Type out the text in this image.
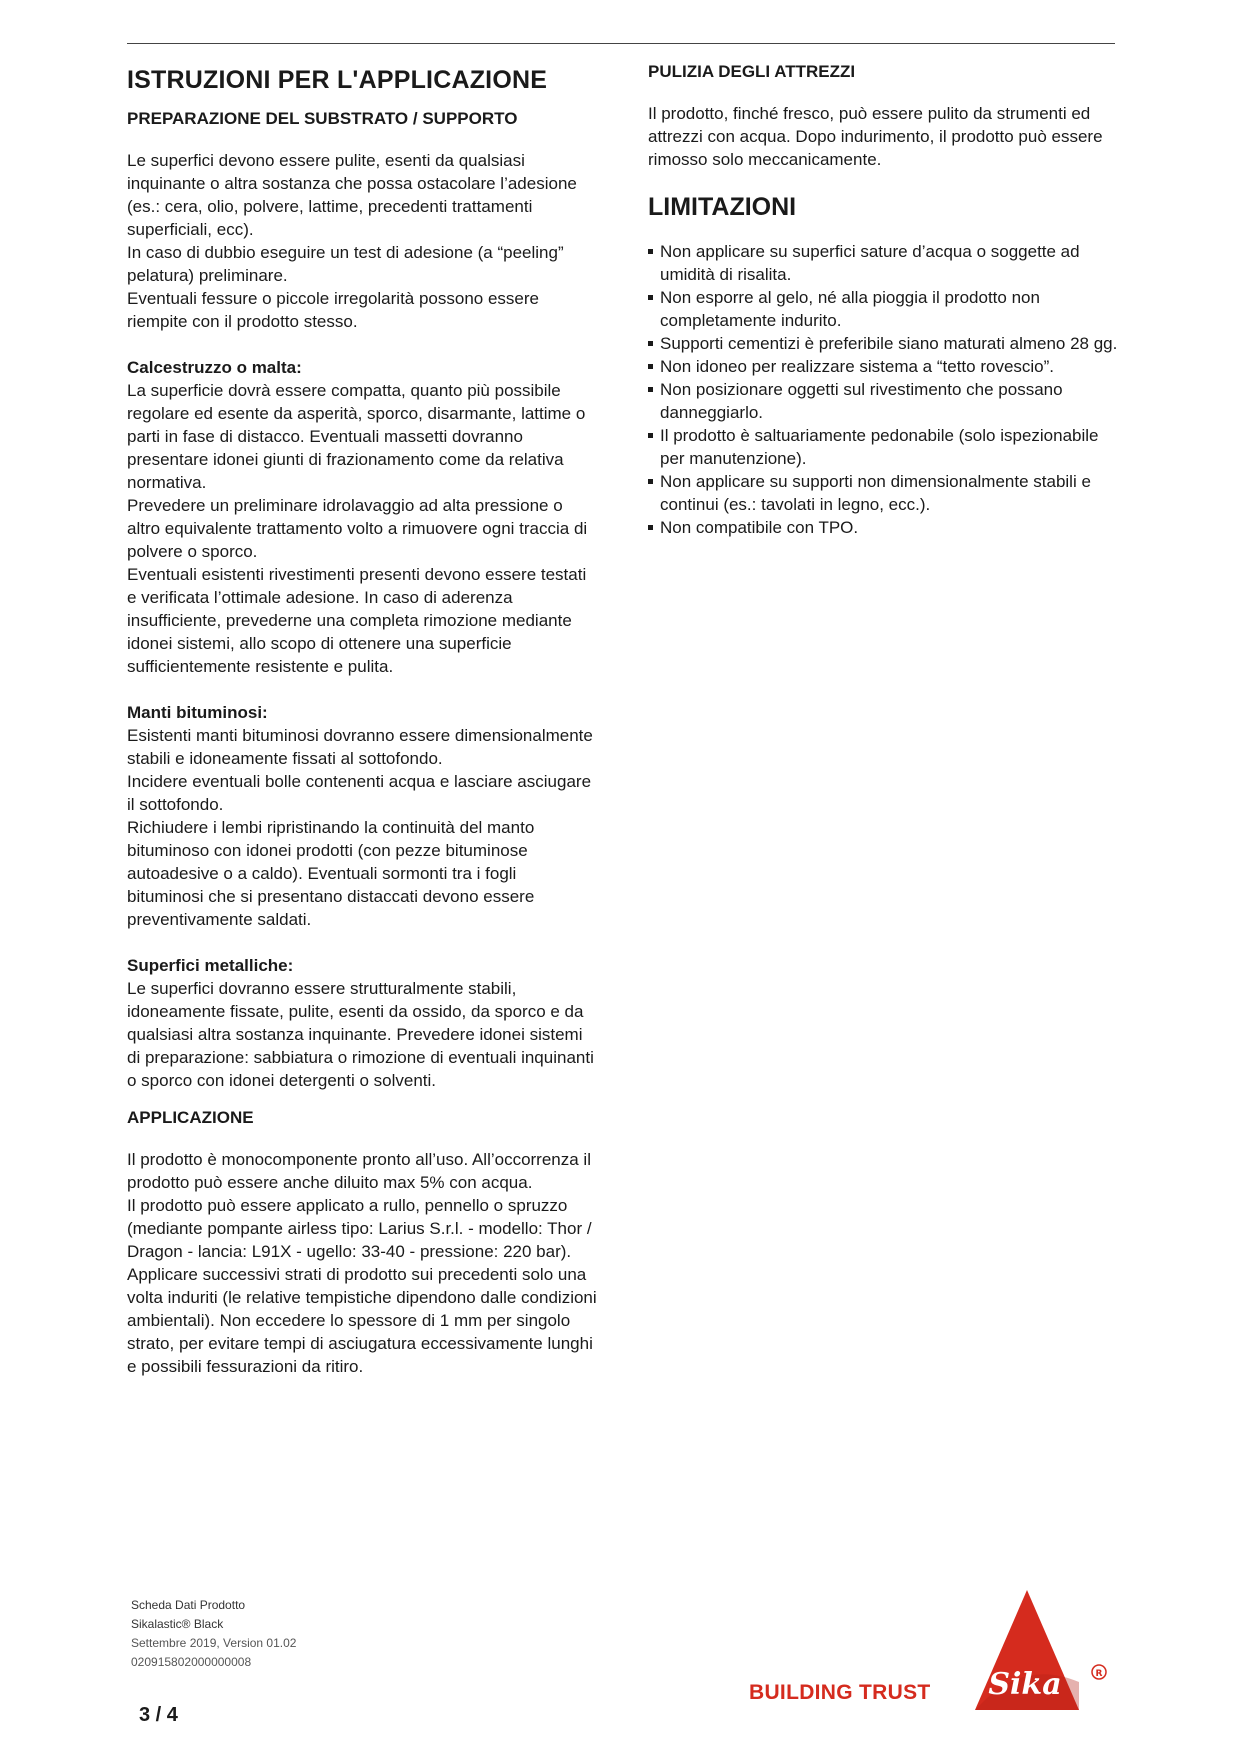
ISTRUZIONI PER L'APPLICAZIONE
PREPARAZIONE DEL SUBSTRATO / SUPPORTO

Le superfici devono essere pulite, esenti da qualsiasi inquinante o altra sostanza che possa ostacolare l’adesione (es.: cera, olio, polvere, lattime, precedenti trattamenti superficiali, ecc).

In caso di dubbio eseguire un test di adesione (a “peeling” pelatura) preliminare.

Eventuali fessure o piccole irregolarità possono essere riempite con il prodotto stesso.

Calcestruzzo o malta:

La superficie dovrà essere compatta, quanto più possibile regolare ed esente da asperità, sporco, disarmante, lattime o parti in fase di distacco. Eventuali massetti dovranno presentare idonei giunti di frazionamento come da relativa normativa.

Prevedere un preliminare idrolavaggio ad alta pressione o altro equivalente trattamento volto a rimuovere ogni traccia di polvere o sporco.

Eventuali esistenti rivestimenti presenti devono essere testati e verificata l’ottimale adesione. In caso di aderenza insufficiente, prevederne una completa rimozione mediante idonei sistemi, allo scopo di ottenere una superficie sufficientemente resistente e pulita.

Manti bituminosi:

Esistenti manti bituminosi dovranno essere dimensionalmente stabili e idoneamente fissati al sottofondo.

Incidere eventuali bolle contenenti acqua e lasciare asciugare il sottofondo.

Richiudere i lembi ripristinando la continuità del manto bituminoso con idonei prodotti (con pezze bituminose autoadesive o a caldo). Eventuali sormonti tra i fogli bituminosi che si presentano distaccati devono essere preventivamente saldati.

Superfici metalliche:

Le superfici dovranno essere strutturalmente stabili, idoneamente fissate, pulite, esenti da ossido, da sporco e da qualsiasi altra sostanza inquinante. Prevedere idonei sistemi di preparazione: sabbiatura o rimozione di eventuali inquinanti o sporco con idonei detergenti o solventi.

APPLICAZIONE

Il prodotto è monocomponente pronto all’uso. All’occorrenza il prodotto può essere anche diluito max 5% con acqua.

Il prodotto può essere applicato a rullo, pennello o spruzzo (mediante pompante airless tipo: Larius S.r.l. - modello: Thor / Dragon - lancia: L91X - ugello: 33-40 - pressione: 220 bar).

Applicare successivi strati di prodotto sui precedenti solo una volta induriti (le relative tempistiche dipendono dalle condizioni ambientali). Non eccedere lo spessore di 1 mm per singolo strato, per evitare tempi di asciugatura eccessivamente lunghi e possibili fessurazioni da ritiro.

PULIZIA DEGLI ATTREZZI

Il prodotto, finché fresco, può essere pulito da strumenti ed attrezzi con acqua. Dopo indurimento, il prodotto può essere rimosso solo meccanicamente.

LIMITAZIONI
Non applicare su superfici sature d’acqua o soggette ad umidità di risalita.
Non esporre al gelo, né alla pioggia il prodotto non completamente indurito.
Supporti cementizi è preferibile siano maturati almeno 28 gg.
Non idoneo per realizzare sistema a “tetto rovescio”.
Non posizionare oggetti sul rivestimento che possano danneggiarlo.
Il prodotto è saltuariamente pedonabile (solo ispezionabile per manutenzione).
Non applicare su supporti non dimensionalmente stabili e continui (es.: tavolati in legno, ecc.).
Non compatibile con TPO.
Scheda Dati Prodotto
Sikalastic® Black
Settembre 2019, Version 01.02
020915802000000008
3 / 4
BUILDING TRUST Sika	R
